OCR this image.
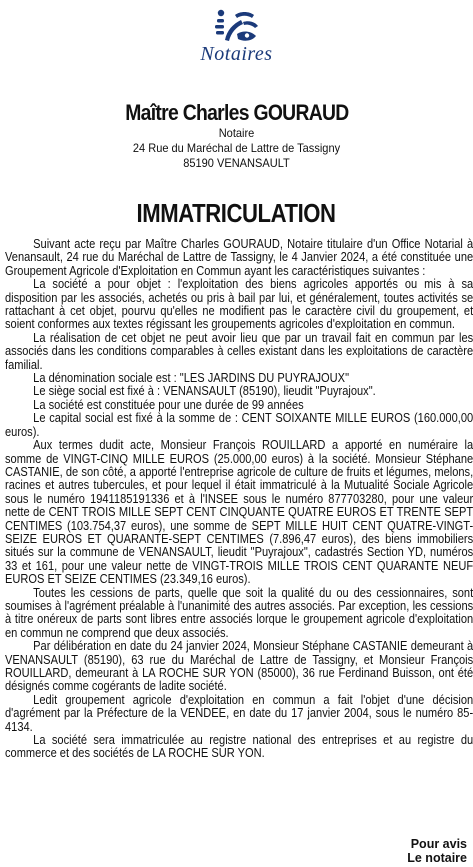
Notaires
Maître Charles GOURAUD
Notaire
24 Rue du Maréchal de Lattre de Tassigny
85190 VENANSAULT
IMMATRICULATION

Suivant acte reçu par Maître Charles GOURAUD, Notaire titulaire d'un Office Notarial à Venansault, 24 rue du Maréchal de Lattre de Tassigny, le 4 Janvier 2024, a été constituée une Groupement Agricole d'Exploitation en Commun ayant les caractéristiques suivantes :

La société a pour objet : l'exploitation des biens agricoles apportés ou mis à sa disposition par les associés, achetés ou pris à bail par lui, et généralement, toutes activités se rattachant à cet objet, pourvu qu'elles ne modifient pas le caractère civil du groupement, et soient conformes aux textes régissant les groupements agricoles d'exploitation en commun.

La réalisation de cet objet ne peut avoir lieu que par un travail fait en commun par les associés dans les conditions comparables à celles existant dans les exploitations de caractère familial.

La dénomination sociale est : "LES JARDINS DU PUYRAJOUX"

Le siège social est fixé à : VENANSAULT (85190), lieudit "Puyrajoux".

La société est constituée pour une durée de 99 années

Le capital social est fixé à la somme de : CENT SOIXANTE MILLE EUROS (160.000,00 euros).

Aux termes dudit acte, Monsieur François ROUILLARD a apporté en numéraire la somme de VINGT-CINQ MILLE EUROS (25.000,00 euros) à la société. Monsieur Stéphane CASTANIE, de son côté, a apporté l'entreprise agricole de culture de fruits et légumes, melons, racines et autres tubercules, et pour lequel il était immatriculé à la Mutualité Sociale Agricole sous le numéro 1941185191336 et à l'INSEE sous le numéro 877703280, pour une valeur nette de CENT TROIS MILLE SEPT CENT CINQUANTE QUATRE EUROS ET TRENTE SEPT CENTIMES (103.754,37 euros), une somme de SEPT MILLE HUIT CENT QUATRE-VINGT-SEIZE EUROS ET QUARANTE-SEPT CENTIMES (7.896,47 euros), des biens immobiliers situés sur la commune de VENANSAULT, lieudit "Puyrajoux", cadastrés Section YD, numéros 33 et 161, pour une valeur nette de VINGT-TROIS MILLE TROIS CENT QUARANTE NEUF EUROS ET SEIZE CENTIMES (23.349,16 euros).

Toutes les cessions de parts, quelle que soit la qualité du ou des cessionnaires, sont soumises à l'agrément préalable à l'unanimité des autres associés. Par exception, les cessions à titre onéreux de parts sont libres entre associés lorque le groupement agricole d'exploitation en commun ne comprend que deux associés.

Par délibération en date du 24 janvier 2024, Monsieur Stéphane CASTANIE demeurant à VENANSAULT (85190), 63 rue du Maréchal de Lattre de Tassigny, et Monsieur François ROUILLARD, demeurant à LA ROCHE SUR YON (85000), 36 rue Ferdinand Buisson, ont été désignés comme cogérants de ladite société.

Ledit groupement agricole d'exploitation en commun a fait l'objet d'une décision d'agrément par la Préfecture de la VENDEE, en date du 17 janvier 2004, sous le numéro 85-4134.

La société sera immatriculée au registre national des entreprises et au registre du commerce et des sociétés de LA ROCHE SUR YON.

Pour avis
Le notaire
